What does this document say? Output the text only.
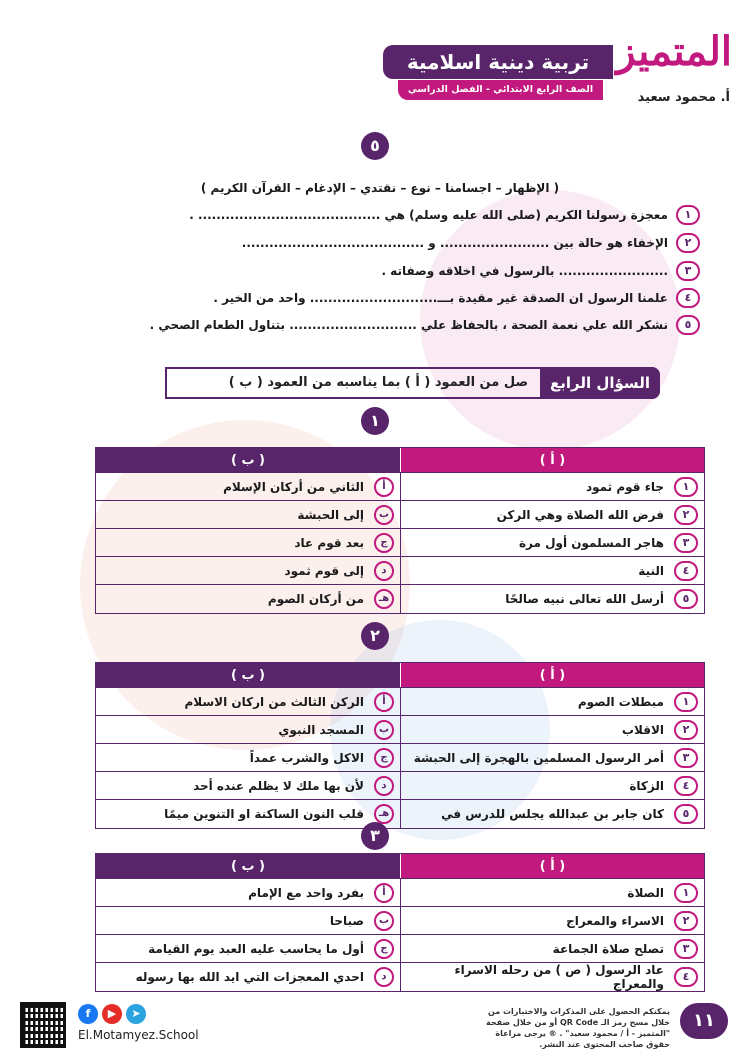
المتميز
أ. محمود سعيد
تربية دينية اسلامية
الصف الرابع الابتدائي - الفصل الدراسي الثاني
٥
( الإظهار – اجسامنا – نوع – نقتدي – الإدغام – القرآن الكريم )
١
معجزة رسولنا الكريم (صلى الله عليه وسلم) هي ........................................ .
٢
الإخفاء هو حالة بين ........................ و ........................................
٣
........................ بالرسول في اخلاقه وصفاته .
٤
علمنا الرسول ان الصدقة غير مقيدة بـــ............................ واحد من الخير .
٥
نشكر الله علي نعمة الصحة ، بالحفاظ علي ............................ بتناول الطعام الصحي .
السؤال الرابع
صل من العمود ( أ ) بما يناسبه من العمود ( ب )
١
( أ )
( ب )
١
جاء قوم ثمود
أ
الثاني من أركان الإسلام
٢
فرض الله الصلاة وهي الركن
ب
إلى الحبشة
٣
هاجر المسلمون أول مرة
ج
بعد قوم عاد
٤
النية
د
إلى قوم ثمود
٥
أرسل الله تعالى نبيه صالحًا
هـ
من أركان الصوم
٢
( أ )
( ب )
١
مبطلات الصوم
أ
الركن الثالث من اركان الاسلام
٢
الاقلاب
ب
المسجد النبوي
٣
أمر الرسول المسلمين بالهجرة إلى الحبشة
ج
الاكل والشرب عمداً
٤
الزكاة
د
لأن بها ملك لا يظلم عنده أحد
٥
كان جابر بن عبدالله يجلس للدرس في
هـ
قلب النون الساكنة او التنوين ميمًا
٣
( أ )
( ب )
١
الصلاة
أ
بفرد واحد مع الإمام
٢
الاسراء والمعراج
ب
صباحا
٣
تصلح صلاة الجماعة
ج
أول ما يحاسب عليه العبد يوم القيامة
٤
عاد الرسول ( ص ) من رحله الاسراء والمعراج
د
احدي المعجزات التي ايد الله بها رسوله
١١
يمكنكم الحصول على المذكرات والاختبارات من خلال مسح رمز الـ QR Code أو من خلال صفحة "المتميز - أ / محمود سعيد" . ® يرجى مراعاة حقوق صاحب المحتوى عند النشر.
f	▶	➤
El.Motamyez.School
